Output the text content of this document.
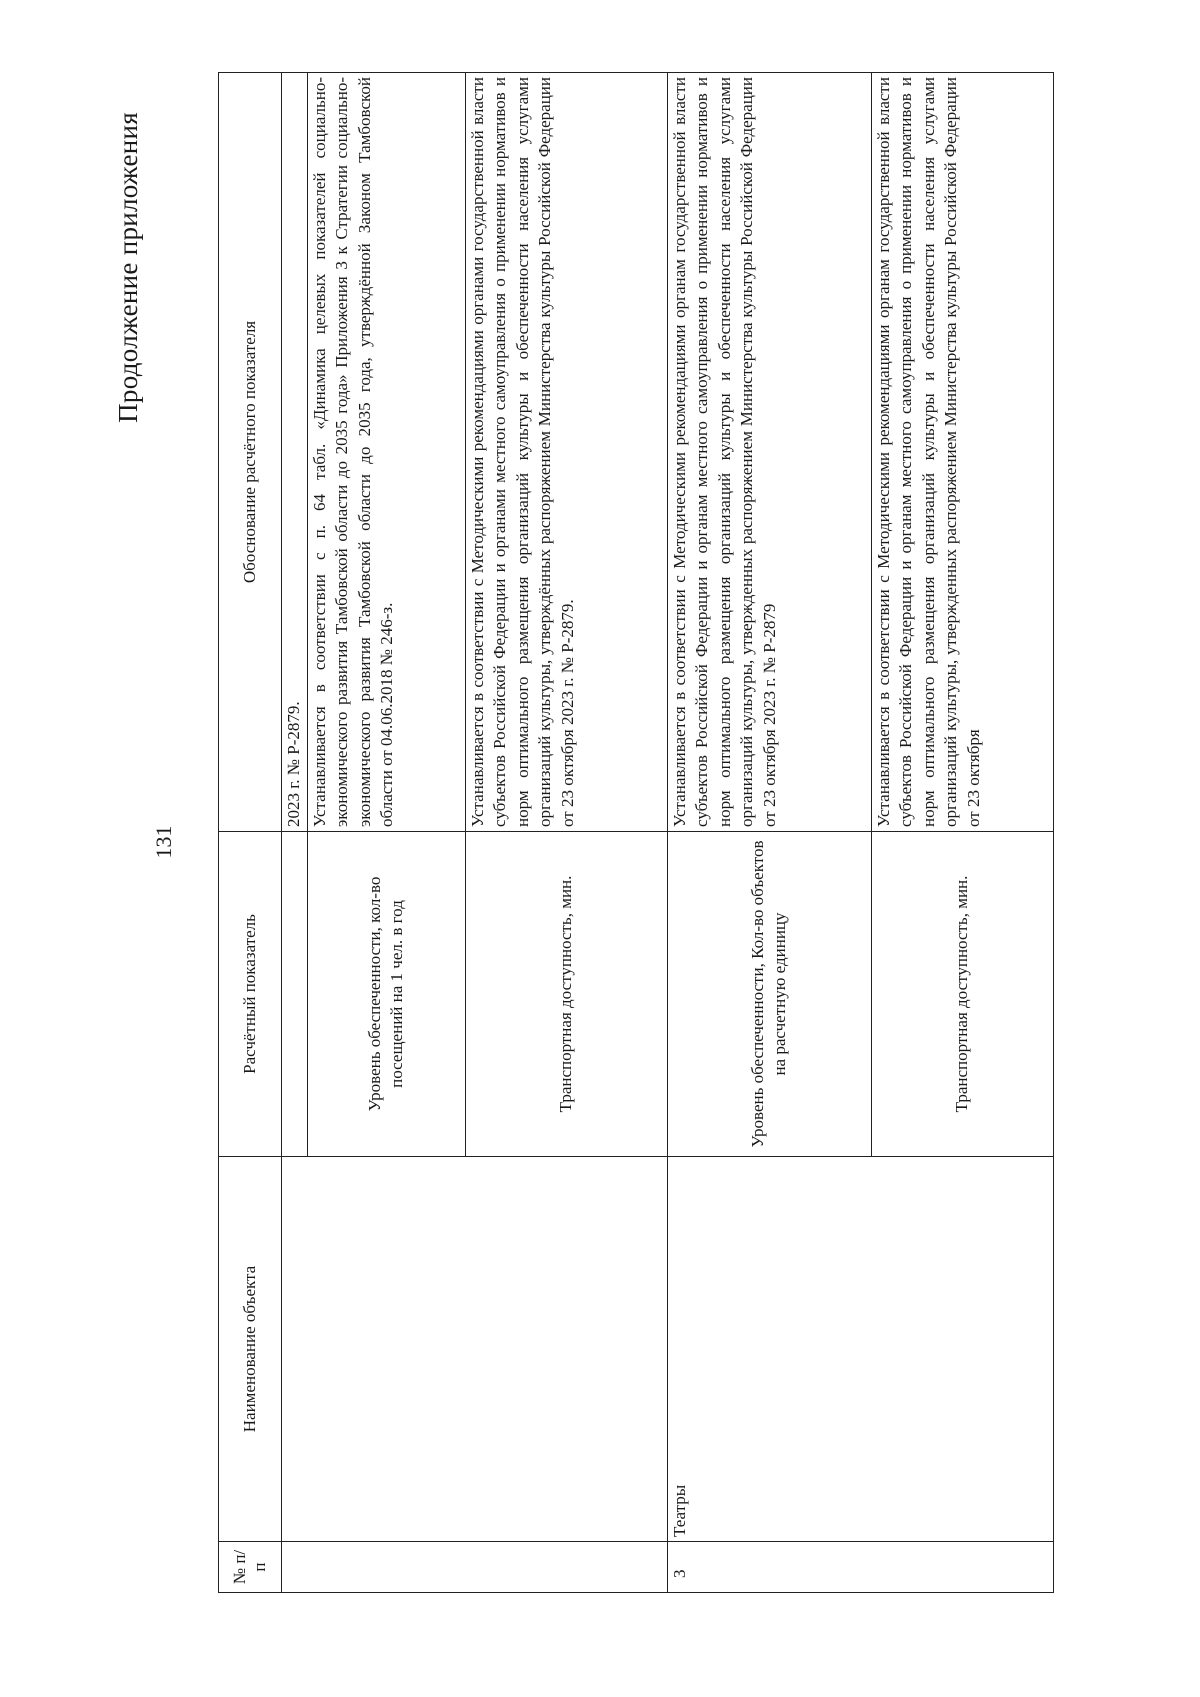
Продолжение приложения
131
№ п/п	Наименование объекта	Расчётный показатель	Обоснование расчётного показателя
			2023 г. № Р-2879.
		Уровень обеспеченности, кол-во посещений на 1 чел. в год	Устанавливается в соответствии с п. 64 табл. «Динамика целевых показателей социально-экономического развития Тамбовской области до 2035 года» Приложения 3 к Стратегии социально-экономического развития Тамбовской области до 2035 года, утверждённой Законом Тамбовской области от 04.06.2018 № 246-з.
		Транспортная доступность, мин.	Устанавливается в соответствии с Методическими рекомендациями органами государственной власти субъектов Российской Федерации и органами местного самоуправления о применении нормативов и норм оптимального размещения организаций культуры и обеспеченности населения услугами организаций культуры, утверждённых распоряжением Министерства культуры Российской Федерации от 23 октября 2023 г. № Р-2879.
3	Театры	Уровень обеспеченности, Кол-во объектов на расчетную единицу	Устанавливается в соответствии с Методическими рекомендациями органам государственной власти субъектов Российской Федерации и органам местного самоуправления о применении нормативов и норм оптимального размещения организаций культуры и обеспеченности населения услугами организаций культуры, утвержденных распоряжением Министерства культуры Российской Федерации от 23 октября 2023 г. № Р-2879
		Транспортная доступность, мин.	Устанавливается в соответствии с Методическими рекомендациями органам государственной власти субъектов Российской Федерации и органам местного самоуправления о применении нормативов и норм оптимального размещения организаций культуры и обеспеченности населения услугами организаций культуры, утвержденных распоряжением Министерства культуры Российской Федерации от 23 октября
